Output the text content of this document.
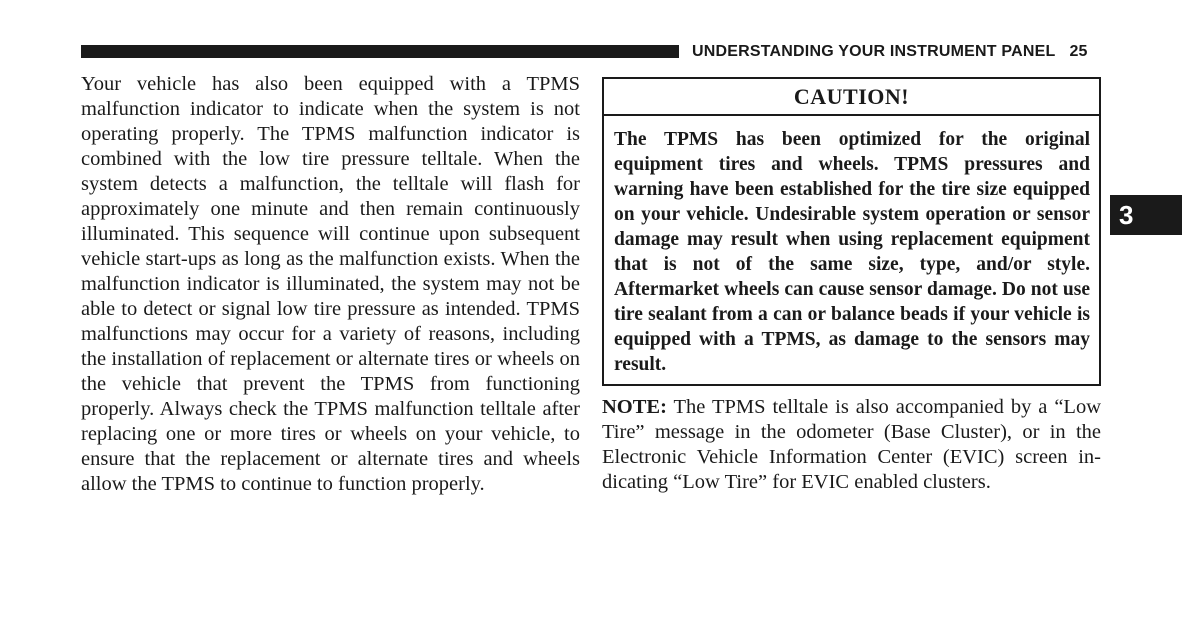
UNDERSTANDING YOUR INSTRUMENT PANEL 25

Your vehicle has also been equipped with a TPMS malfunction indicator to indicate when the system is not operating properly. The TPMS malfunction indicator is combined with the low tire pressure telltale. When the system detects a malfunction, the telltale will flash for approximately one minute and then remain continuously illuminated. This sequence will continue upon subsequent vehicle start-ups as long as the malfunction exists. When the malfunction indicator is illuminated, the system may not be able to detect or signal low tire pressure as intended. TPMS malfunctions may occur for a variety of reasons, including the installation of replacement or alternate tires or wheels on the vehicle that prevent the TPMS from functioning properly. Always check the TPMS malfunction telltale after replacing one or more tires or wheels on your vehicle, to ensure that the replacement or alternate tires and wheels allow the TPMS to continue to function properly.

CAUTION!

The TPMS has been optimized for the original equipment tires and wheels. TPMS pressures and warning have been established for the tire size equipped on your vehicle. Undesirable system operation or sensor damage may result when using replacement equipment that is not of the same size, type, and/or style. Aftermarket wheels can cause sensor damage. Do not use tire sealant from a can or balance beads if your vehicle is equipped with a TPMS, as damage to the sensors may result.

NOTE: The TPMS telltale is also accompanied by a “Low Tire” message in the odometer (Base Cluster), or in the Electronic Vehicle Information Center (EVIC) screen indicating “Low Tire” for EVIC enabled clusters.

3
